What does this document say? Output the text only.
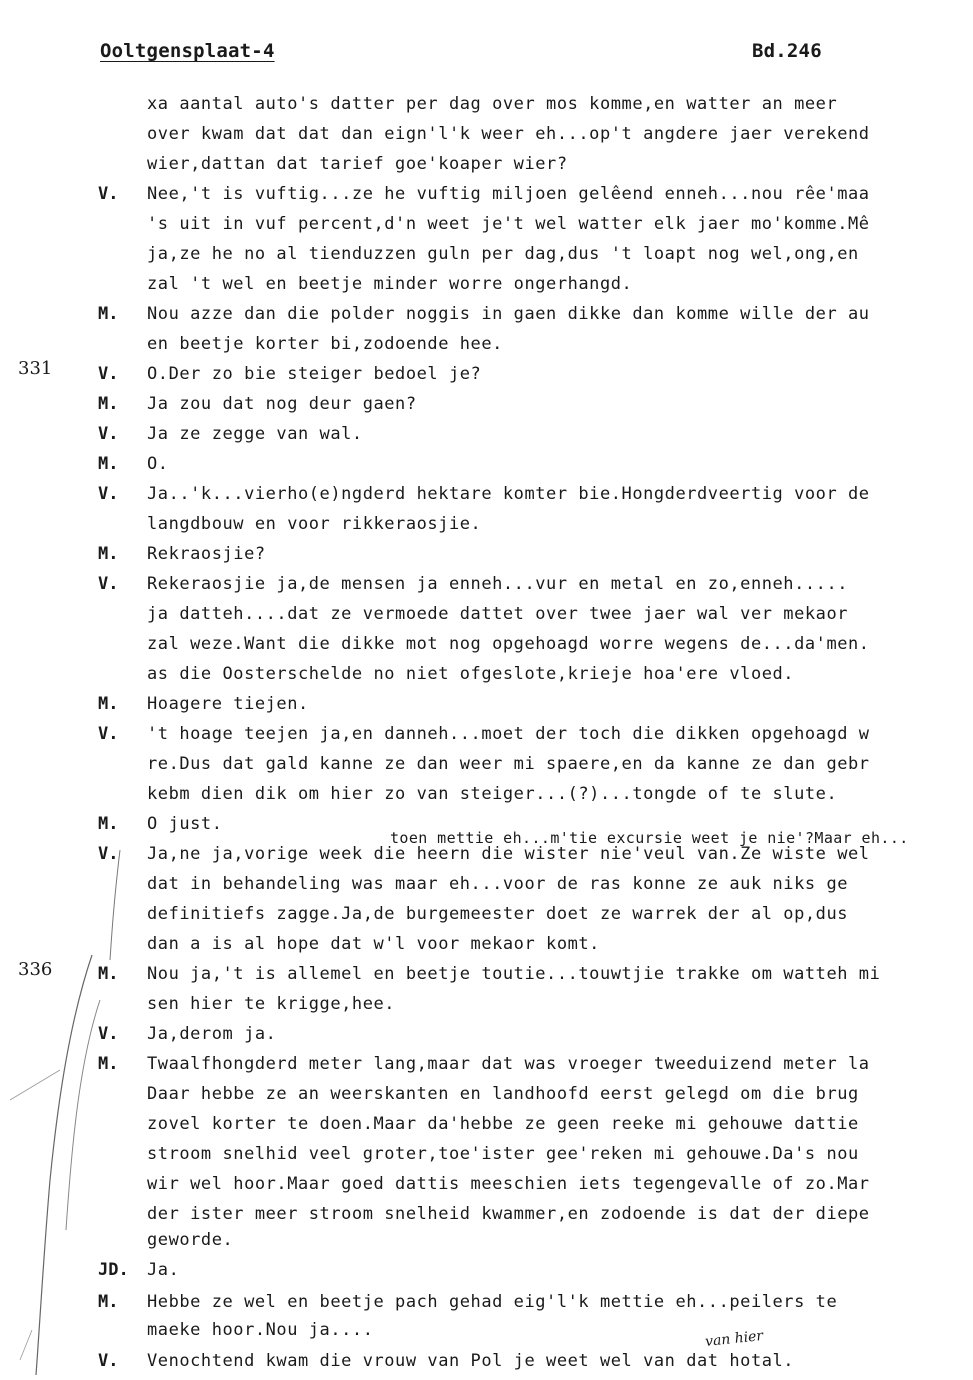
Ooltgensplaat-4	Bd.246
331
336
xa aantal auto's datter per dag over mos komme,en watter an meer
over kwam dat dat dan eign'l'k weer eh...op't angdere jaer verekend
wier,dattan dat tarief goe'koaper wier?
V. Nee,'t is vuftig...ze he vuftig miljoen gelêend enneh...nou rêe'maa
's uit in vuf percent,d'n weet je't wel watter elk jaer mo'komme.Mê
ja,ze he no al tienduzzen guln per dag,dus 't loapt nog wel,ong,en
zal 't wel en beetje minder worre ongerhangd.
M. Nou azze dan die polder noggis in gaen dikke dan komme wille der au
en beetje korter bi,zodoende hee.
V. O.Der zo bie steiger bedoel je?
M. Ja zou dat nog deur gaen?
V. Ja ze zegge van wal.
M. O.
V. Ja..'k...vierho(e)ngderd hektare komter bie.Hongderdveertig voor de
langdbouw en voor rikkeraosjie.
M. Rekraosjie?
V. Rekeraosjie ja,de mensen ja enneh...vur en metal en zo,enneh.....
ja datteh....dat ze vermoede dattet over twee jaer wal ver mekaor
zal weze.Want die dikke mot nog opgehoagd worre wegens de...da'men.
as die Oosterschelde no niet ofgeslote,krieje hoa'ere vloed.
M. Hoagere tiejen.
V. 't hoage teejen ja,en danneh...moet der toch die dikken opgehoagd w
re.Dus dat gald kanne ze dan weer mi spaere,en da kanne ze dan gebr
kebm dien dik om hier zo van steiger...(?)...tongde of te slute.
M. O just.
V. Ja,ne ja,vorige week die heern die wister nie'veul van.Ze wiste wel
dat in behandeling was maar eh...voor de ras konne ze auk niks ge
definitiefs zagge.Ja,de burgemeester doet ze warrek der al op,dus
dan a is al hope dat w'l voor mekaor komt.
M. Nou ja,'t is allemel en beetje toutie...touwtjie trakke om watteh mi
sen hier te krigge,hee.
V. Ja,derom ja.
M. Twaalfhongderd meter lang,maar dat was vroeger tweeduizend meter la
Daar hebbe ze an weerskanten en landhoofd eerst gelegd om die brug
zovel korter te doen.Maar da'hebbe ze geen reeke mi gehouwe dattie
stroom snelhid veel groter,toe'ister gee'reken mi gehouwe.Da's nou
wir wel hoor.Maar goed dattis meeschien iets tegengevalle of zo.Mar
der ister meer stroom snelheid kwammer,en zodoende is dat der diepe
geworde.
JD. Ja.
M. Hebbe ze wel en beetje pach gehad eig'l'k mettie eh...peilers te
maeke hoor.Nou ja....
V. Venochtend kwam die vrouw van Pol je weet wel van dat hotal.
toen mettie eh...m'tie excursie weet je nie'?Maar eh...
van hier
